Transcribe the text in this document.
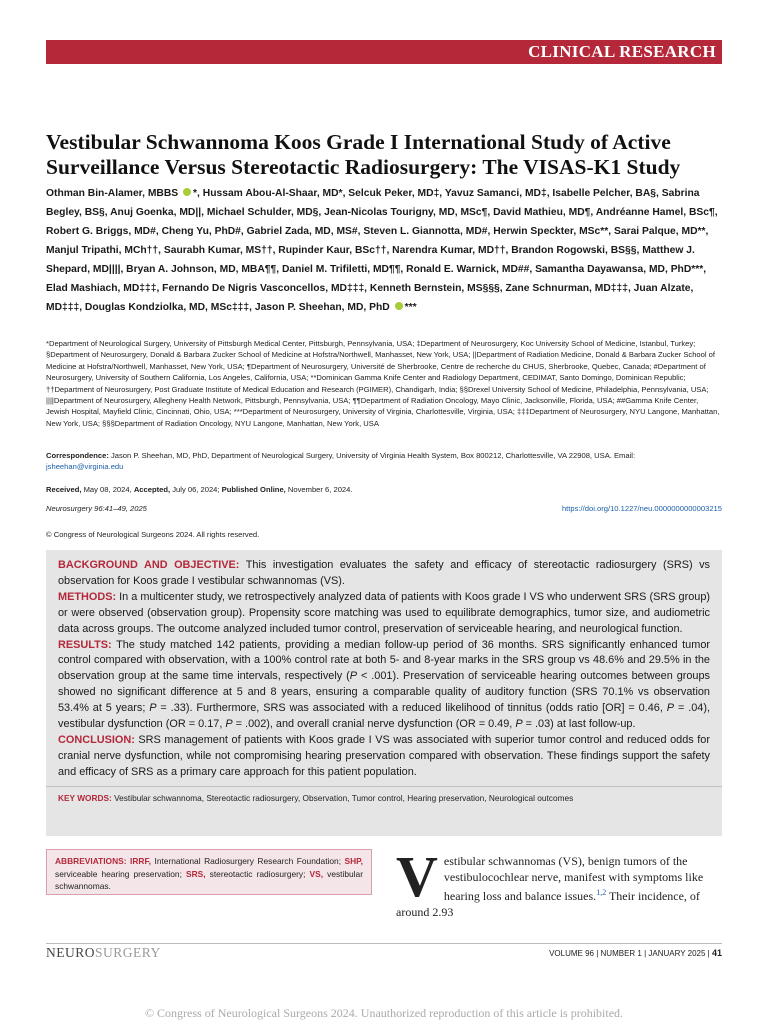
CLINICAL RESEARCH
Vestibular Schwannoma Koos Grade I International Study of Active Surveillance Versus Stereotactic Radiosurgery: The VISAS-K1 Study
Othman Bin-Alamer, MBBS *, Hussam Abou-Al-Shaar, MD*, Selcuk Peker, MD‡, Yavuz Samanci, MD‡, Isabelle Pelcher, BA§, Sabrina Begley, BS§, Anuj Goenka, MD||, Michael Schulder, MD§, Jean-Nicolas Tourigny, MD, MSc¶, David Mathieu, MD¶, Andréanne Hamel, BSc¶, Robert G. Briggs, MD#, Cheng Yu, PhD#, Gabriel Zada, MD, MS#, Steven L. Giannotta, MD#, Herwin Speckter, MSc**, Sarai Palque, MD**, Manjul Tripathi, MCh††, Saurabh Kumar, MS††, Rupinder Kaur, BSc††, Narendra Kumar, MD††, Brandon Rogowski, BS§§, Matthew J. Shepard, MD||||, Bryan A. Johnson, MD, MBA¶¶, Daniel M. Trifiletti, MD¶¶, Ronald E. Warnick, MD##, Samantha Dayawansa, MD, PhD***, Elad Mashiach, MD‡‡‡, Fernando De Nigris Vasconcellos, MD‡‡‡, Kenneth Bernstein, MS§§§, Zane Schnurman, MD‡‡‡, Juan Alzate, MD‡‡‡, Douglas Kondziolka, MD, MSc‡‡‡, Jason P. Sheehan, MD, PhD ***
*Department of Neurological Surgery, University of Pittsburgh Medical Center, Pittsburgh, Pennsylvania, USA; ‡Department of Neurosurgery, Koc University School of Medicine, Istanbul, Turkey; §Department of Neurosurgery, Donald & Barbara Zucker School of Medicine at Hofstra/Northwell, Manhasset, New York, USA; ||Department of Radiation Medicine, Donald & Barbara Zucker School of Medicine at Hofstra/Northwell, Manhasset, New York, USA; ¶Department of Neurosurgery, Université de Sherbrooke, Centre de recherche du CHUS, Sherbrooke, Quebec, Canada; #Department of Neurosurgery, University of Southern California, Los Angeles, California, USA; **Dominican Gamma Knife Center and Radiology Department, CEDIMAT, Santo Domingo, Dominican Republic; ††Department of Neurosurgery, Post Graduate Institute of Medical Education and Research (PGIMER), Chandigarh, India; §§Drexel University School of Medicine, Philadelphia, Pennsylvania, USA; ||||Department of Neurosurgery, Allegheny Health Network, Pittsburgh, Pennsylvania, USA; ¶¶Department of Radiation Oncology, Mayo Clinic, Jacksonville, Florida, USA; ##Gamma Knife Center, Jewish Hospital, Mayfield Clinic, Cincinnati, Ohio, USA; ***Department of Neurosurgery, University of Virginia, Charlottesville, Virginia, USA; ‡‡‡Department of Neurosurgery, NYU Langone, Manhattan, New York, USA; §§§Department of Radiation Oncology, NYU Langone, Manhattan, New York, USA
Correspondence: Jason P. Sheehan, MD, PhD, Department of Neurological Surgery, University of Virginia Health System, Box 800212, Charlottesville, VA 22908, USA. Email:
jsheehan@virginia.edu
Received, May 08, 2024, Accepted, July 06, 2024; Published Online, November 6, 2024.
Neurosurgery 96:41–49, 2025	https://doi.org/10.1227/neu.0000000000003215
© Congress of Neurological Surgeons 2024. All rights reserved.

BACKGROUND AND OBJECTIVE: This investigation evaluates the safety and efficacy of stereotactic radiosurgery (SRS) vs observation for Koos grade I vestibular schwannomas (VS).

METHODS: In a multicenter study, we retrospectively analyzed data of patients with Koos grade I VS who underwent SRS (SRS group) or were observed (observation group). Propensity score matching was used to equilibrate demographics, tumor size, and audiometric data across groups. The outcome analyzed included tumor control, preservation of serviceable hearing, and neurological function.

RESULTS: The study matched 142 patients, providing a median follow-up period of 36 months. SRS significantly enhanced tumor control compared with observation, with a 100% control rate at both 5- and 8-year marks in the SRS group vs 48.6% and 29.5% in the observation group at the same time intervals, respectively (P < .001). Preservation of serviceable hearing outcomes between groups showed no significant difference at 5 and 8 years, ensuring a comparable quality of auditory function (SRS 70.1% vs observation 53.4% at 5 years; P = .33). Furthermore, SRS was associated with a reduced likelihood of tinnitus (odds ratio [OR] = 0.46, P = .04), vestibular dysfunction (OR = 0.17, P = .002), and overall cranial nerve dysfunction (OR = 0.49, P = .03) at last follow-up.

CONCLUSION: SRS management of patients with Koos grade I VS was associated with superior tumor control and reduced odds for cranial nerve dysfunction, while not compromising hearing preservation compared with observation. These findings support the safety and efficacy of SRS as a primary care approach for this patient population.

KEY WORDS: Vestibular schwannoma, Stereotactic radiosurgery, Observation, Tumor control, Hearing preservation, Neurological outcomes
ABBREVIATIONS: IRRF, International Radiosurgery Research Foundation; SHP, serviceable hearing preservation; SRS, stereotactic radiosurgery; VS, vestibular schwannomas.	Vestibular schwannomas (VS), benign tumors of the vestibulocochlear nerve, manifest with symptoms like hearing loss and balance issues.$^{1,2}$ Their incidence, of around 2.93
NEUROSURGERY	VOLUME 96 | NUMBER 1 | JANUARY 2025 | 41
© Congress of Neurological Surgeons 2024. Unauthorized reproduction of this article is prohibited.
